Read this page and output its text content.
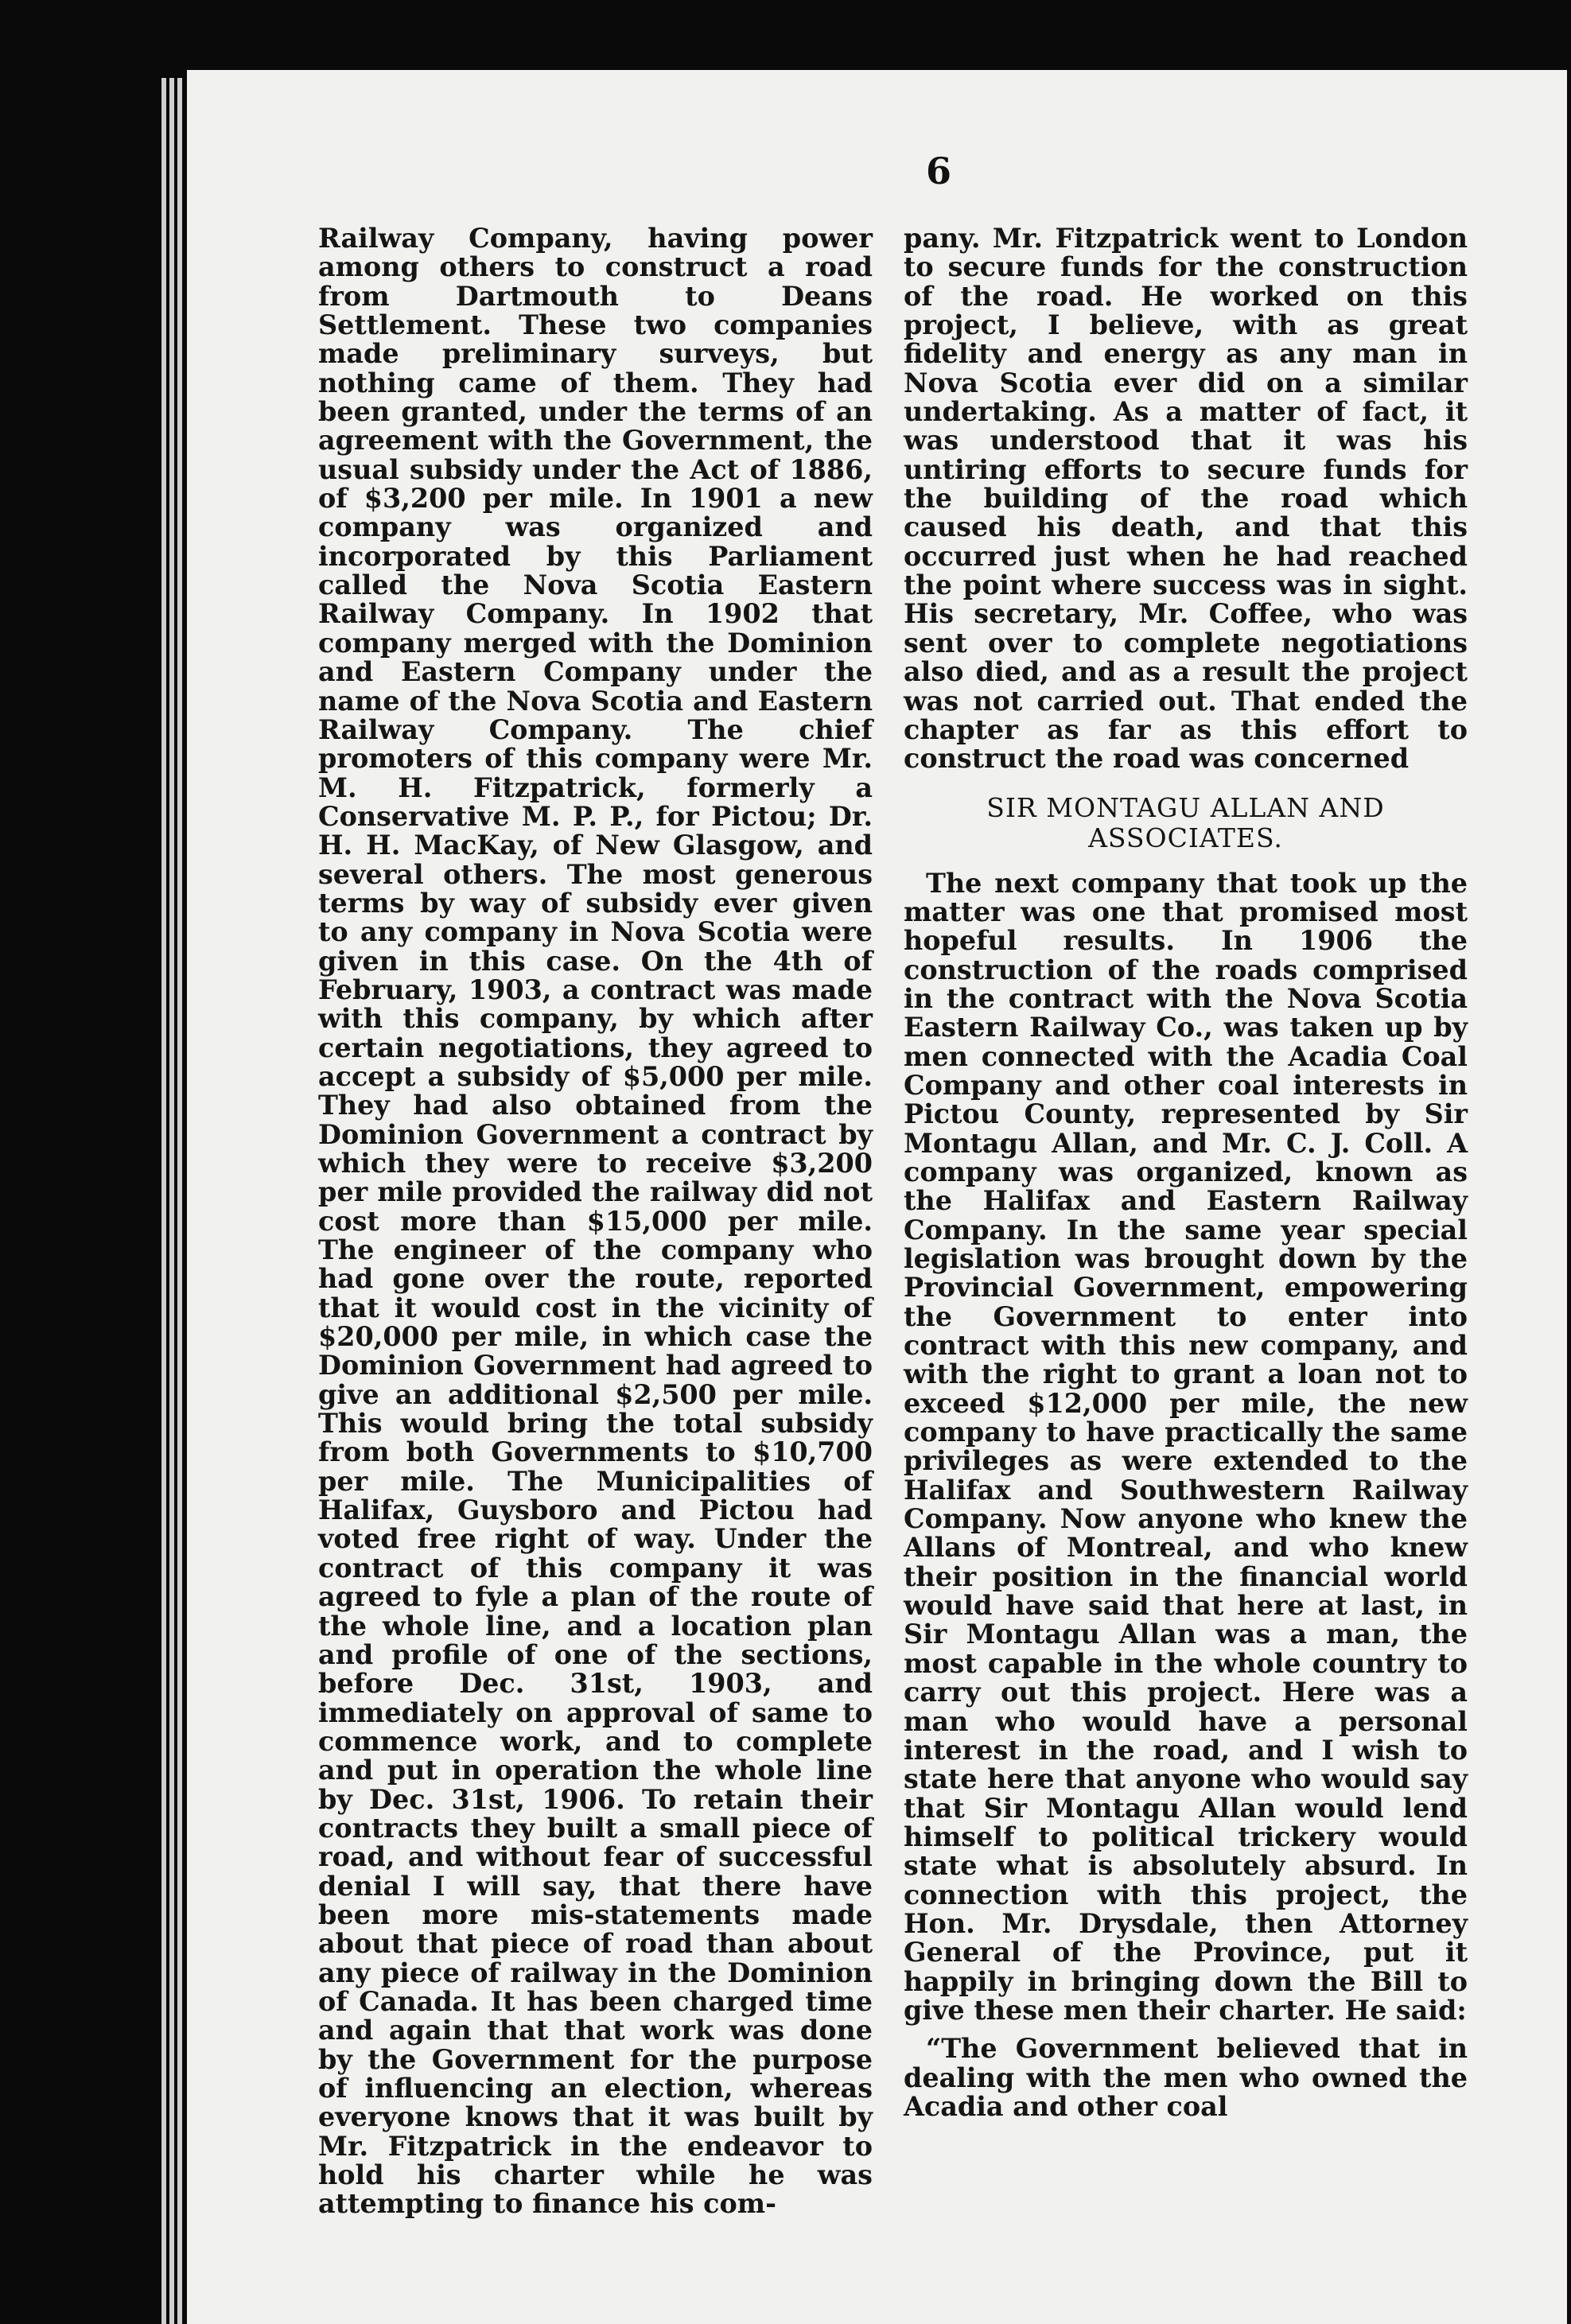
6

Railway Company, having power among others to construct a road from Dartmouth to Deans Settlement. These two companies made preliminary surveys, but nothing came of them. They had been granted, under the terms of an agreement with the Government, the usual subsidy under the Act of 1886, of $3,200 per mile. In 1901 a new company was organized and incorporated by this Parliament called the Nova Scotia Eastern Railway Company. In 1902 that company merged with the Dominion and Eastern Company under the name of the Nova Scotia and Eastern Railway Company. The chief promoters of this company were Mr. M. H. Fitzpatrick, formerly a Conservative M. P. P., for Pictou; Dr. H. H. MacKay, of New Glasgow, and several others. The most generous terms by way of subsidy ever given to any company in Nova Scotia were given in this case. On the 4th of February, 1903, a contract was made with this company, by which after certain negotiations, they agreed to accept a subsidy of $5,000 per mile. They had also obtained from the Dominion Government a contract by which they were to receive $3,200 per mile provided the railway did not cost more than $15,000 per mile. The engineer of the company who had gone over the route, reported that it would cost in the vicinity of $20,000 per mile, in which case the Dominion Government had agreed to give an additional $2,500 per mile. This would bring the total subsidy from both Governments to $10,700 per mile. The Municipalities of Halifax, Guysboro and Pictou had voted free right of way. Under the contract of this company it was agreed to fyle a plan of the route of the whole line, and a location plan and profile of one of the sections, before Dec. 31st, 1903, and immediately on approval of same to commence work, and to complete and put in operation the whole line by Dec. 31st, 1906. To retain their contracts they built a small piece of road, and without fear of successful denial I will say, that there have been more mis-statements made about that piece of road than about any piece of railway in the Dominion of Canada. It has been charged time and again that that work was done by the Government for the purpose of influencing an election, whereas everyone knows that it was built by Mr. Fitzpatrick in the endeavor to hold his charter while he was attempting to finance his com-

pany. Mr. Fitzpatrick went to London to secure funds for the construction of the road. He worked on this project, I believe, with as great fidelity and energy as any man in Nova Scotia ever did on a similar undertaking. As a matter of fact, it was understood that it was his untiring efforts to secure funds for the building of the road which caused his death, and that this occurred just when he had reached the point where success was in sight. His secretary, Mr. Coffee, who was sent over to complete negotiations also died, and as a result the project was not carried out. That ended the chapter as far as this effort to construct the road was concerned

SIR MONTAGU ALLAN AND ASSOCIATES.

The next company that took up the matter was one that promised most hopeful results. In 1906 the construction of the roads comprised in the contract with the Nova Scotia Eastern Railway Co., was taken up by men connected with the Acadia Coal Company and other coal interests in Pictou County, represented by Sir Montagu Allan, and Mr. C. J. Coll. A company was organized, known as the Halifax and Eastern Railway Company. In the same year special legislation was brought down by the Provincial Government, empowering the Government to enter into contract with this new company, and with the right to grant a loan not to exceed $12,000 per mile, the new company to have practically the same privileges as were extended to the Halifax and Southwestern Railway Company. Now anyone who knew the Allans of Montreal, and who knew their position in the financial world would have said that here at last, in Sir Montagu Allan was a man, the most capable in the whole country to carry out this project. Here was a man who would have a personal interest in the road, and I wish to state here that anyone who would say that Sir Montagu Allan would lend himself to political trickery would state what is absolutely absurd. In connection with this project, the Hon. Mr. Drysdale, then Attorney General of the Province, put it happily in bringing down the Bill to give these men their charter. He said:

“The Government believed that in dealing with the men who owned the Acadia and other coal
